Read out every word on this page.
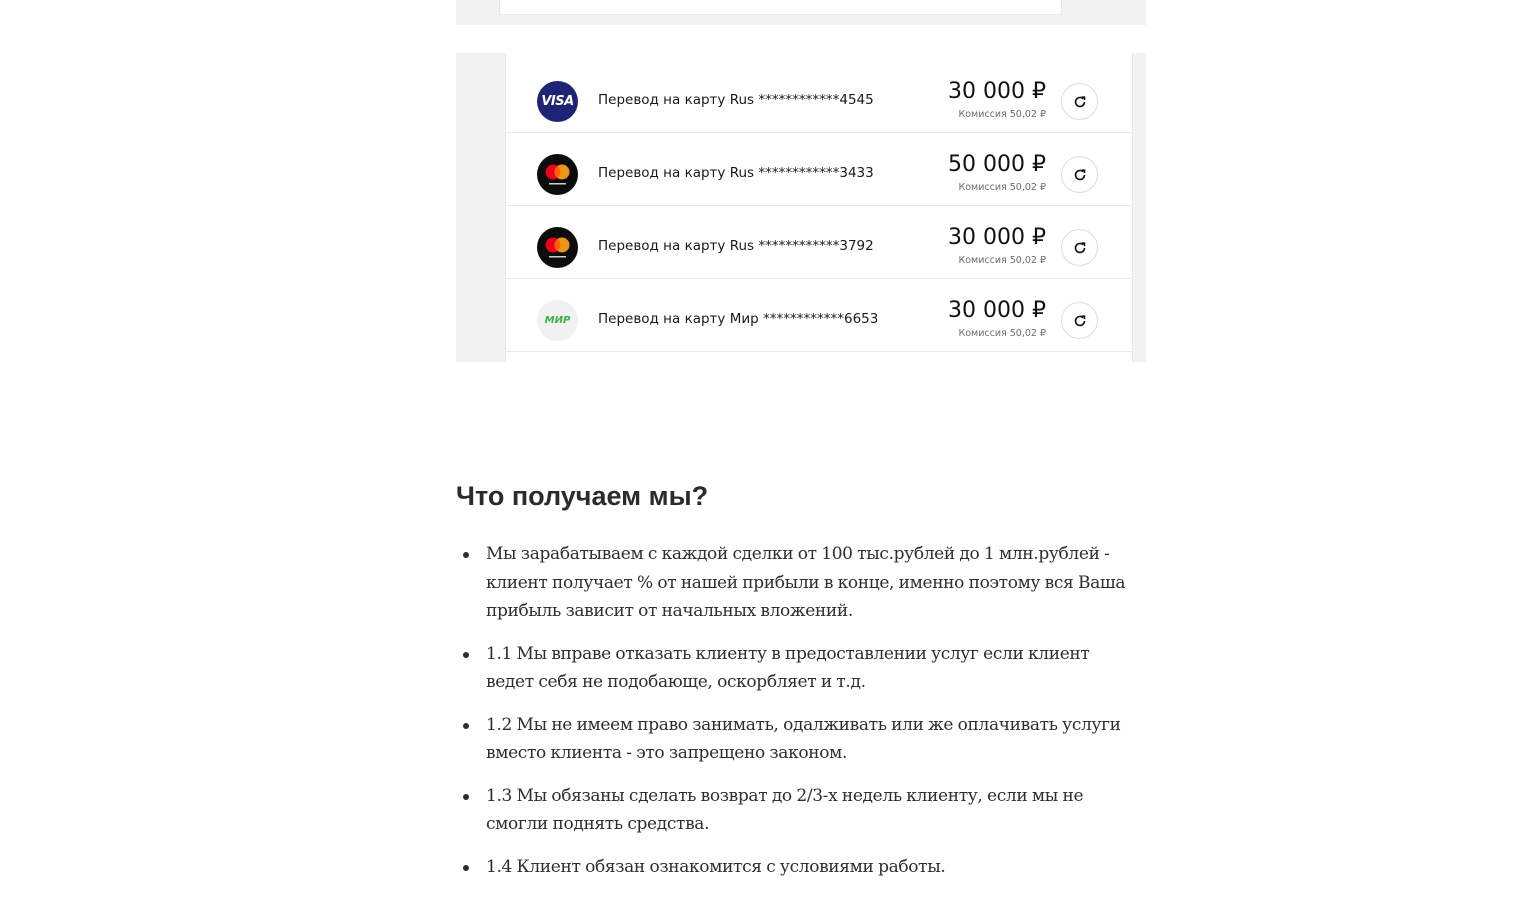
VISA	Перевод на карту Rus ************4545	30 000 ₽
Комиссия 50,02 ₽
Перевод на карту Rus ************3433	50 000 ₽
Комиссия 50,02 ₽
Перевод на карту Rus ************3792	30 000 ₽
Комиссия 50,02 ₽
МИР	Перевод на карту Мир ************6653	30 000 ₽
Комиссия 50,02 ₽
Что получаем мы?
Мы зарабатываем с каждой сделки от 100 тыс.рублей до 1 млн.рублей - клиент получает % от нашей прибыли в конце, именно поэтому вся Ваша прибыль зависит от начальных вложений.
1.1 Мы вправе отказать клиенту в предоставлении услуг если клиент ведет себя не подобающе, оскорбляет и т.д.
1.2 Мы не имеем право занимать, одалживать или же оплачивать услуги вместо клиента - это запрещено законом.
1.3 Мы обязаны сделать возврат до 2/3-х недель клиенту, если мы не смогли поднять средства.
1.4 Клиент обязан ознакомится с условиями работы.
